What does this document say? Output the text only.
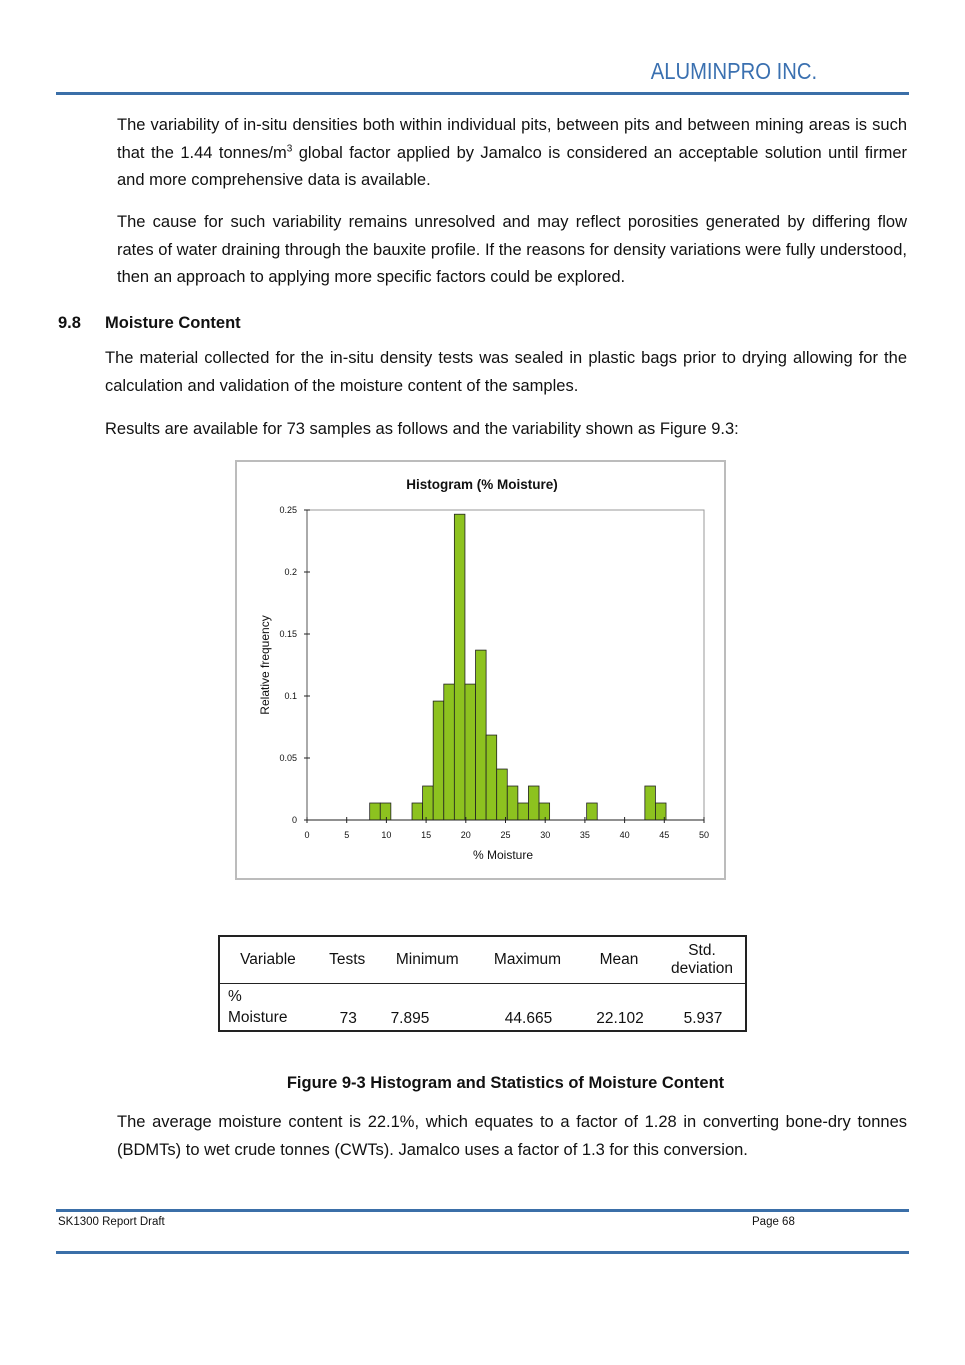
ALUMINPRO INC.

The variability of in-situ densities both within individual pits, between pits and between mining areas is such that the 1.44 tonnes/$m^3$ global factor applied by Jamalco is considered an acceptable solution until firmer and more comprehensive data is available.

The cause for such variability remains unresolved and may reflect porosities generated by differing flow rates of water draining through the bauxite profile. If the reasons for density variations were fully understood, then an approach to applying more specific factors could be explored.

9.8 Moisture Content

The material collected for the in-situ density tests was sealed in plastic bags prior to drying allowing for the calculation and validation of the moisture content of the samples.

Results are available for 73 samples as follows and the variability shown as Figure 9.3:

Histogram (% Moisture)
0	5	10	15	20	25	30	35	40	45	50
0
0.05
0.1
0.15
0.2
0.25
% Moisture
Relative frequency
Variable	Tests	Minimum	Maximum	Mean	Std. deviation
%
Moisture	73	7.895	44.665	22.102	5.937
Figure 9-3 Histogram and Statistics of Moisture Content

The average moisture content is 22.1%, which equates to a factor of 1.28 in converting bone-dry tonnes (BDMTs) to wet crude tonnes (CWTs). Jamalco uses a factor of 1.3 for this conversion.

SK1300 Report Draft	Page 68
